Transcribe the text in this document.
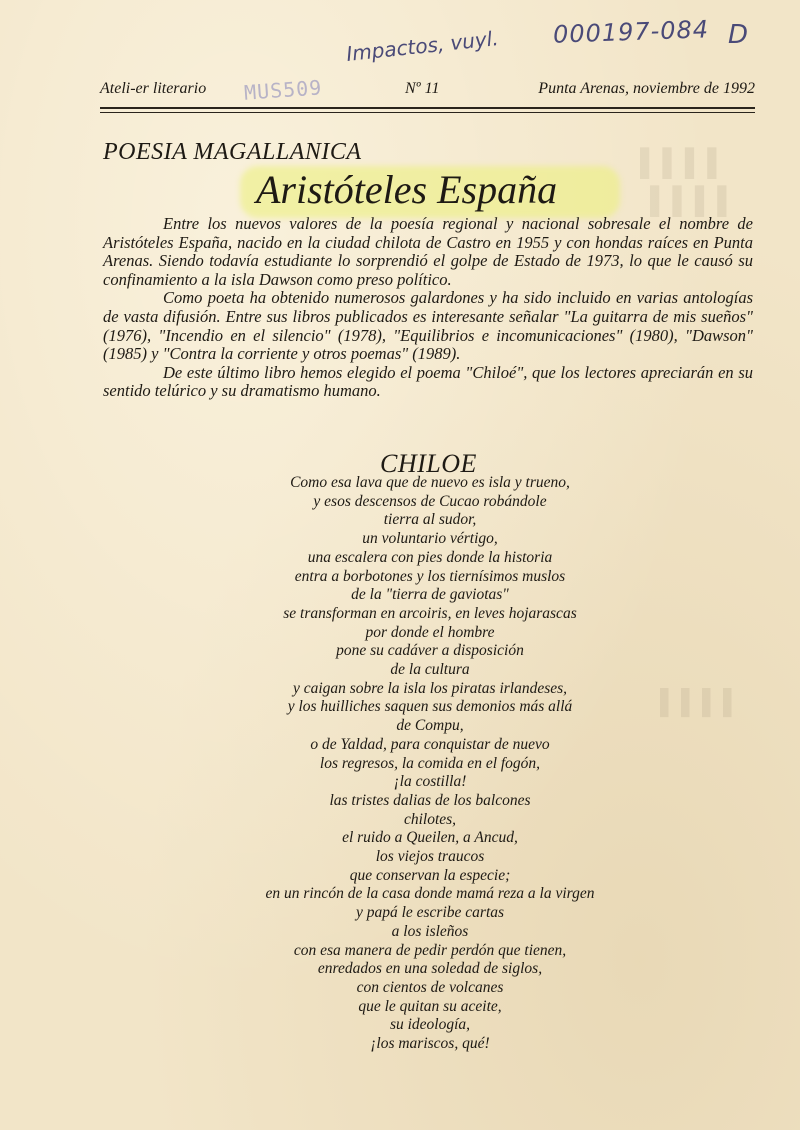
▌▌▌▌
▌▌▌▌
▌▌▌▌
000197-084 D
Impactos, vuyl.
MUS509
Ateli-er literario	Nº 11	Punta Arenas, noviembre de 1992
POESIA MAGALLANICA
Aristóteles España

Entre los nuevos valores de la poesía regional y nacional sobresale el nombre de Aristóteles España, nacido en la ciudad chilota de Castro en 1955 y con hondas raíces en Punta Arenas. Siendo todavía estudiante lo sorprendió el golpe de Estado de 1973, lo que le causó su confinamiento a la isla Dawson como preso político.

Como poeta ha obtenido numerosos galardones y ha sido incluido en varias antologías de vasta difusión. Entre sus libros publicados es interesante señalar "La guitarra de mis sueños" (1976), "Incendio en el silencio" (1978), "Equilibrios e incomunicaciones" (1980), "Dawson" (1985) y "Contra la corriente y otros poemas" (1989).

De este último libro hemos elegido el poema "Chiloé", que los lectores apreciarán en su sentido telúrico y su dramatismo humano.

CHILOE
Como esa lava que de nuevo es isla y trueno,
y esos descensos de Cucao robándole
tierra al sudor,
un voluntario vértigo,
una escalera con pies donde la historia
entra a borbotones y los tiernísimos muslos
de la "tierra de gaviotas"
se transforman en arcoiris, en leves hojarascas
por donde el hombre
pone su cadáver a disposición
de la cultura
y caigan sobre la isla los piratas irlandeses,
y los huilliches saquen sus demonios más allá
de Compu,
o de Yaldad, para conquistar de nuevo
los regresos, la comida en el fogón,
¡la costilla!
las tristes dalias de los balcones
chilotes,
el ruido a Queilen, a Ancud,
los viejos traucos
que conservan la especie;
en un rincón de la casa donde mamá reza a la virgen
y papá le escribe cartas
a los isleños
con esa manera de pedir perdón que tienen,
enredados en una soledad de siglos,
con cientos de volcanes
que le quitan su aceite,
su ideología,
¡los mariscos, qué!
